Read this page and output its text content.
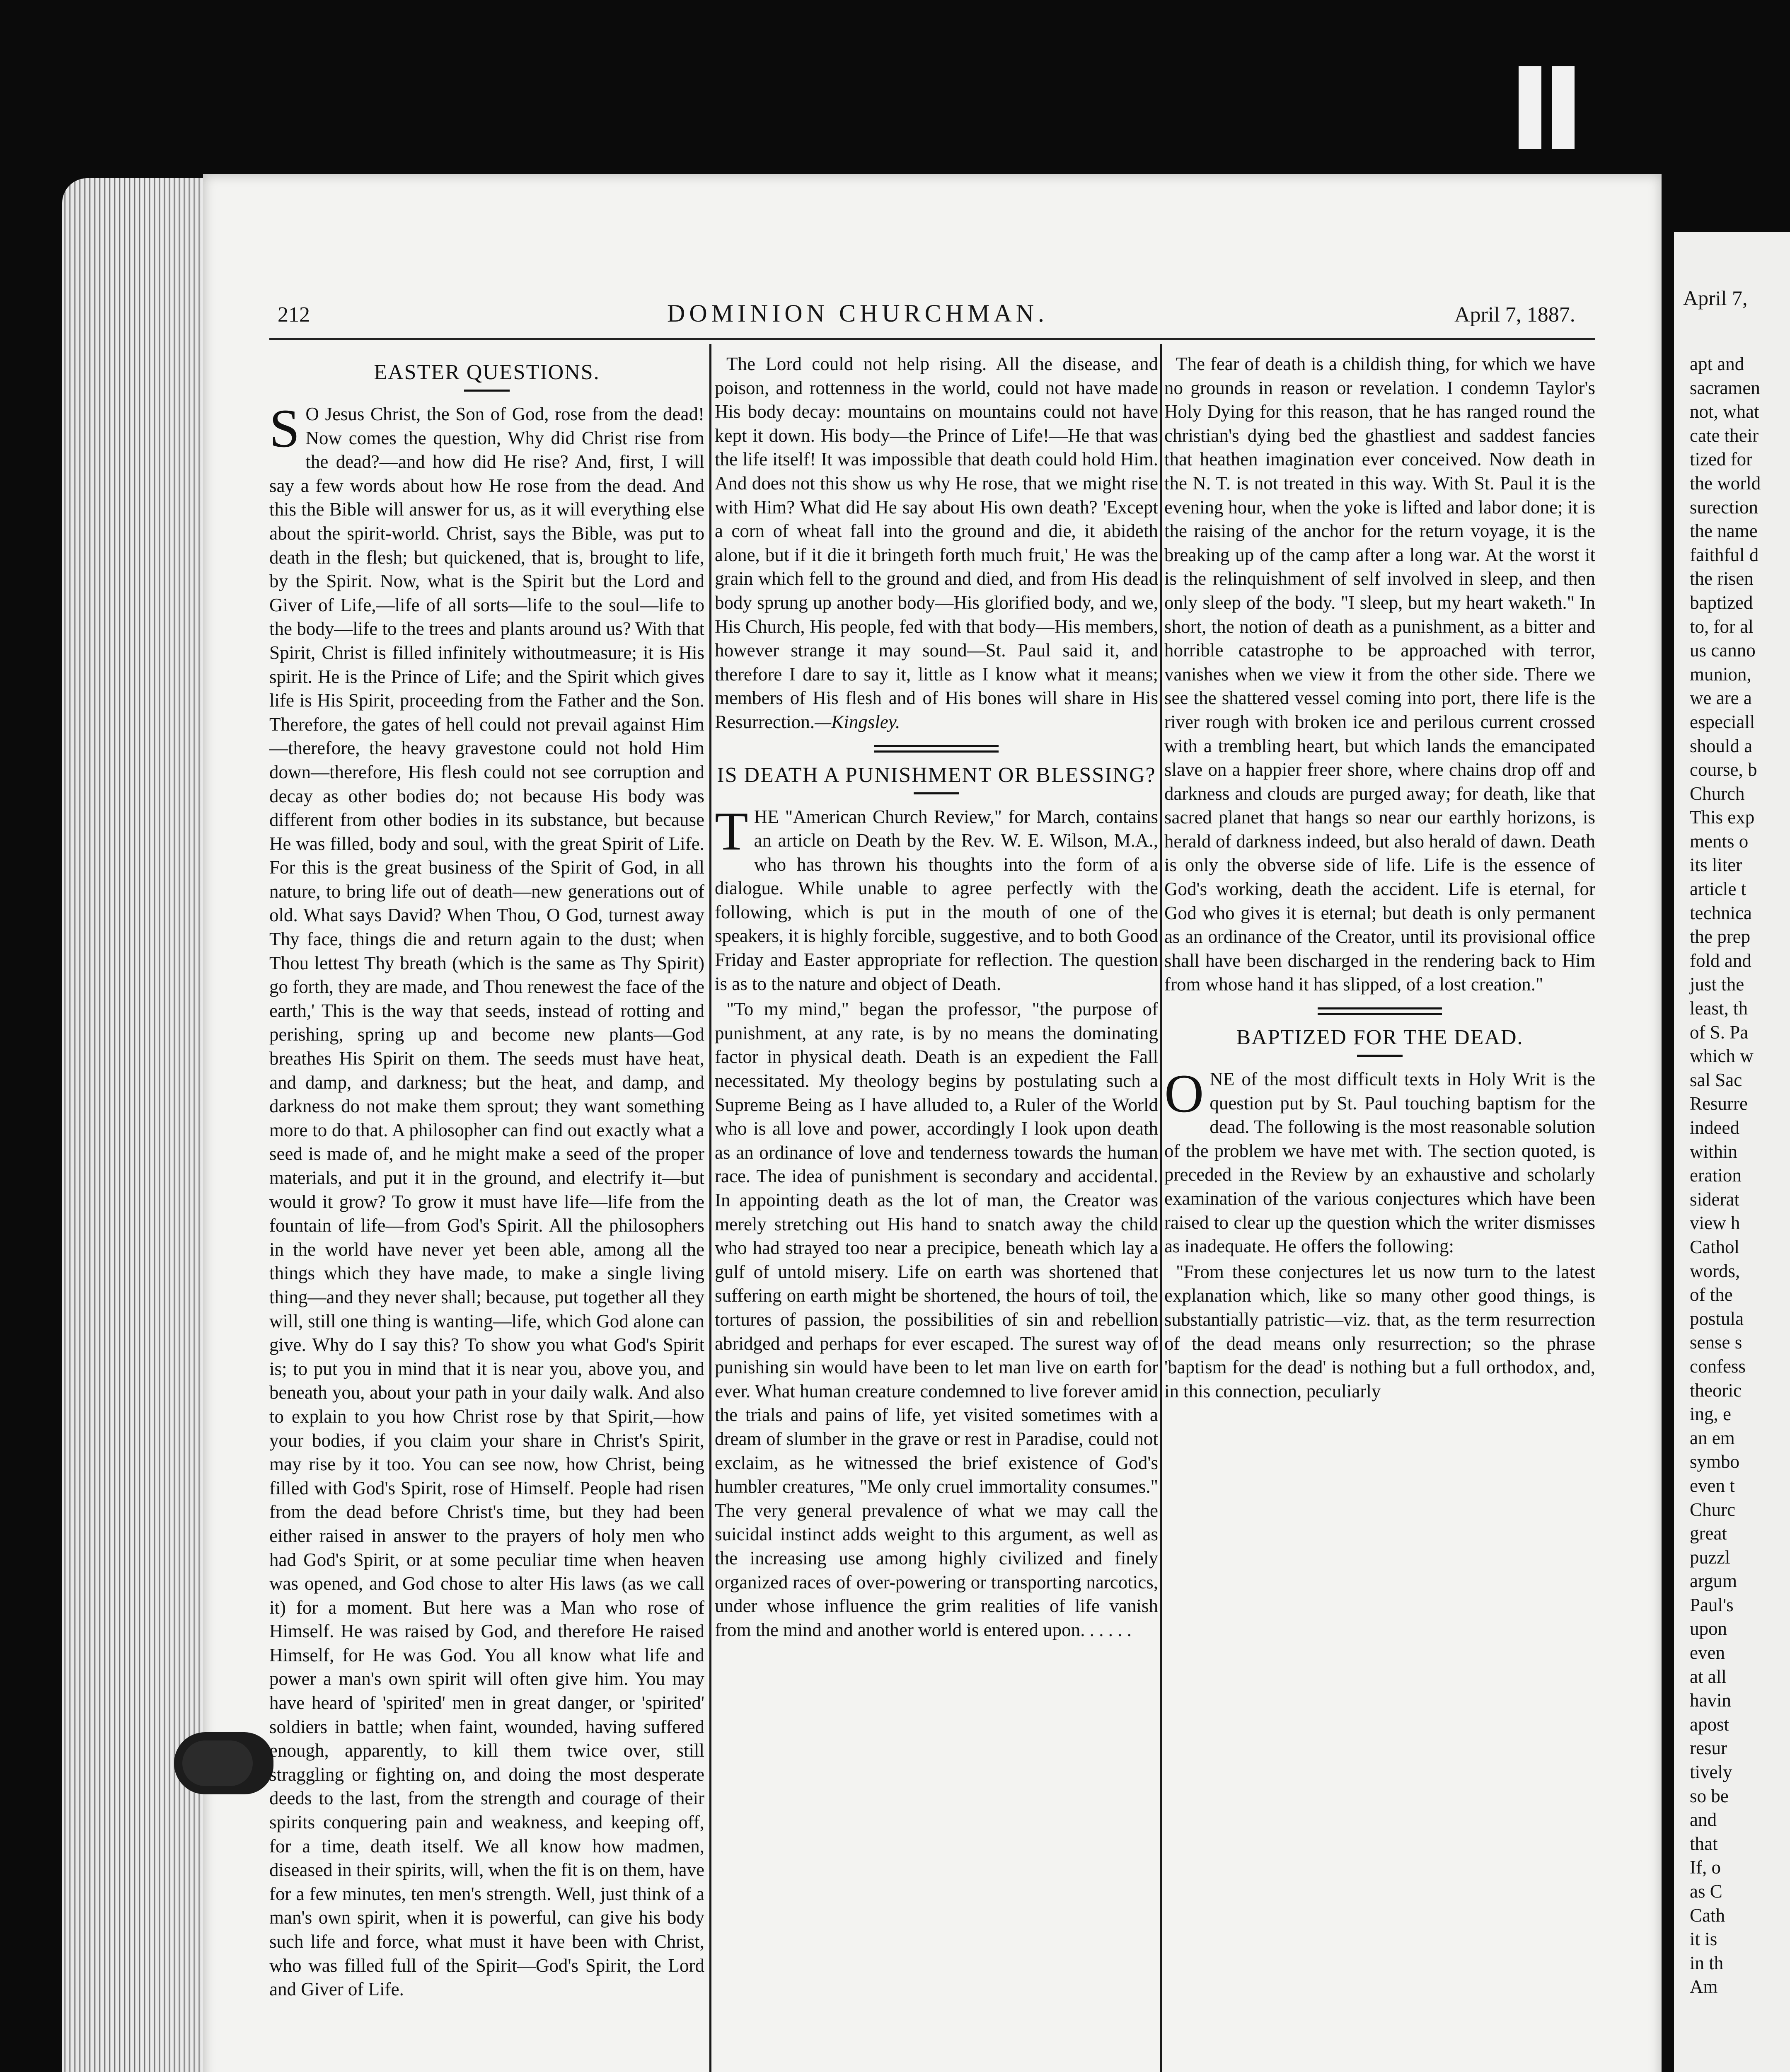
212	DOMINION CHURCHMAN.	April 7, 1887.
EASTER QUESTIONS.

S O Jesus Christ, the Son of God, rose from the dead! Now comes the question, Why did Christ rise from the dead?—and how did He rise? And, first, I will say a few words about how He rose from the dead. And this the Bible will answer for us, as it will everything else about the spirit-world. Christ, says the Bible, was put to death in the flesh; but quickened, that is, brought to life, by the Spirit. Now, what is the Spirit but the Lord and Giver of Life,—life of all sorts—life to the soul—life to the body—life to the trees and plants around us? With that Spirit, Christ is filled infinitely withoutmeasure; it is His spirit. He is the Prince of Life; and the Spirit which gives life is His Spirit, proceeding from the Father and the Son. Therefore, the gates of hell could not prevail against Him—therefore, the heavy gravestone could not hold Him down—therefore, His flesh could not see corruption and decay as other bodies do; not because His body was different from other bodies in its substance, but because He was filled, body and soul, with the great Spirit of Life. For this is the great business of the Spirit of God, in all nature, to bring life out of death—new generations out of old. What says David? When Thou, O God, turnest away Thy face, things die and return again to the dust; when Thou lettest Thy breath (which is the same as Thy Spirit) go forth, they are made, and Thou renewest the face of the earth,' This is the way that seeds, instead of rotting and perishing, spring up and become new plants—God breathes His Spirit on them. The seeds must have heat, and damp, and darkness; but the heat, and damp, and darkness do not make them sprout; they want something more to do that. A philosopher can find out exactly what a seed is made of, and he might make a seed of the proper materials, and put it in the ground, and electrify it—but would it grow? To grow it must have life—life from the fountain of life—from God's Spirit. All the philosophers in the world have never yet been able, among all the things which they have made, to make a single living thing—and they never shall; because, put together all they will, still one thing is wanting—life, which God alone can give. Why do I say this? To show you what God's Spirit is; to put you in mind that it is near you, above you, and beneath you, about your path in your daily walk. And also to explain to you how Christ rose by that Spirit,—how your bodies, if you claim your share in Christ's Spirit, may rise by it too. You can see now, how Christ, being filled with God's Spirit, rose of Himself. People had risen from the dead before Christ's time, but they had been either raised in answer to the prayers of holy men who had God's Spirit, or at some peculiar time when heaven was opened, and God chose to alter His laws (as we call it) for a moment. But here was a Man who rose of Himself. He was raised by God, and therefore He raised Himself, for He was God. You all know what life and power a man's own spirit will often give him. You may have heard of 'spirited' men in great danger, or 'spirited' soldiers in battle; when faint, wounded, having suffered enough, apparently, to kill them twice over, still straggling or fighting on, and doing the most desperate deeds to the last, from the strength and courage of their spirits conquering pain and weakness, and keeping off, for a time, death itself. We all know how madmen, diseased in their spirits, will, when the fit is on them, have for a few minutes, ten men's strength. Well, just think of a man's own spirit, when it is powerful, can give his body such life and force, what must it have been with Christ, who was filled full of the Spirit—God's Spirit, the Lord and Giver of Life.

The Lord could not help rising. All the disease, and poison, and rottenness in the world, could not have made His body decay: mountains on mountains could not have kept it down. His body—the Prince of Life!—He that was the life itself! It was impossible that death could hold Him. And does not this show us why He rose, that we might rise with Him? What did He say about His own death? 'Except a corn of wheat fall into the ground and die, it abideth alone, but if it die it bringeth forth much fruit,' He was the grain which fell to the ground and died, and from His dead body sprung up another body—His glorified body, and we, His Church, His people, fed with that body—His members, however strange it may sound—St. Paul said it, and therefore I dare to say it, little as I know what it means; members of His flesh and of His bones will share in His Resurrection.—Kingsley.

IS DEATH A PUNISHMENT OR BLESSING?

THE "American Church Review," for March, contains an article on Death by the Rev. W. E. Wilson, M.A., who has thrown his thoughts into the form of a dialogue. While unable to agree perfectly with the following, which is put in the mouth of one of the speakers, it is highly forcible, suggestive, and to both Good Friday and Easter appropriate for reflection. The question is as to the nature and object of Death.

"To my mind," began the professor, "the purpose of punishment, at any rate, is by no means the dominating factor in physical death. Death is an expedient the Fall necessitated. My theology begins by postulating such a Supreme Being as I have alluded to, a Ruler of the World who is all love and power, accordingly I look upon death as an ordinance of love and tenderness towards the human race. The idea of punishment is secondary and accidental. In appointing death as the lot of man, the Creator was merely stretching out His hand to snatch away the child who had strayed too near a precipice, beneath which lay a gulf of untold misery. Life on earth was shortened that suffering on earth might be shortened, the hours of toil, the tortures of passion, the possibilities of sin and rebellion abridged and perhaps for ever escaped. The surest way of punishing sin would have been to let man live on earth for ever. What human creature condemned to live forever amid the trials and pains of life, yet visited sometimes with a dream of slumber in the grave or rest in Paradise, could not exclaim, as he witnessed the brief existence of God's humbler creatures, "Me only cruel immortality consumes." The very general prevalence of what we may call the suicidal instinct adds weight to this argument, as well as the increasing use among highly civilized and finely organized races of over-powering or transporting narcotics, under whose influence the grim realities of life vanish from the mind and another world is entered upon. . . . . .

The fear of death is a childish thing, for which we have no grounds in reason or revelation. I condemn Taylor's Holy Dying for this reason, that he has ranged round the christian's dying bed the ghastliest and saddest fancies that heathen imagination ever conceived. Now death in the N. T. is not treated in this way. With St. Paul it is the evening hour, when the yoke is lifted and labor done; it is the raising of the anchor for the return voyage, it is the breaking up of the camp after a long war. At the worst it is the relinquishment of self involved in sleep, and then only sleep of the body. "I sleep, but my heart waketh." In short, the notion of death as a punishment, as a bitter and horrible catastrophe to be approached with terror, vanishes when we view it from the other side. There we see the shattered vessel coming into port, there life is the river rough with broken ice and perilous current crossed with a trembling heart, but which lands the emancipated slave on a happier freer shore, where chains drop off and darkness and clouds are purged away; for death, like that sacred planet that hangs so near our earthly horizons, is herald of darkness indeed, but also herald of dawn. Death is only the obverse side of life. Life is the essence of God's working, death the accident. Life is eternal, for God who gives it is eternal; but death is only permanent as an ordinance of the Creator, until its provisional office shall have been discharged in the rendering back to Him from whose hand it has slipped, of a lost creation."

BAPTIZED FOR THE DEAD.

ONE of the most difficult texts in Holy Writ is the question put by St. Paul touching baptism for the dead. The following is the most reasonable solution of the problem we have met with. The section quoted, is preceded in the Review by an exhaustive and scholarly examination of the various conjectures which have been raised to clear up the question which the writer dismisses as inadequate. He offers the following:

"From these conjectures let us now turn to the latest explanation which, like so many other good things, is substantially patristic—viz. that, as the term resurrection of the dead means only resurrection; so the phrase 'baptism for the dead' is nothing but a full orthodox, and, in this connection, peculiarly

April 7,
apt and
sacramen
not, what
cate their
tized for
the world
surection
the name
faithful d
the risen
baptized
to, for al
us canno
munion,
we are a
especiall
should a
course, b
Church
This exp
ments o
its liter
article t
technica
the prep
fold and
just the
least, th
of S. Pa
which w
sal Sac
Resurre
indeed
within
eration
siderat
view h
Cathol
words,
of the
postula
sense s
confess
theoric
ing, e
an em
symbo
even t
Churc
great
puzzl
argum
Paul's
upon
even
at all
havin
apost
resur
tively
so be
and
that
If, o
as C
Cath
it is
in th
Am
